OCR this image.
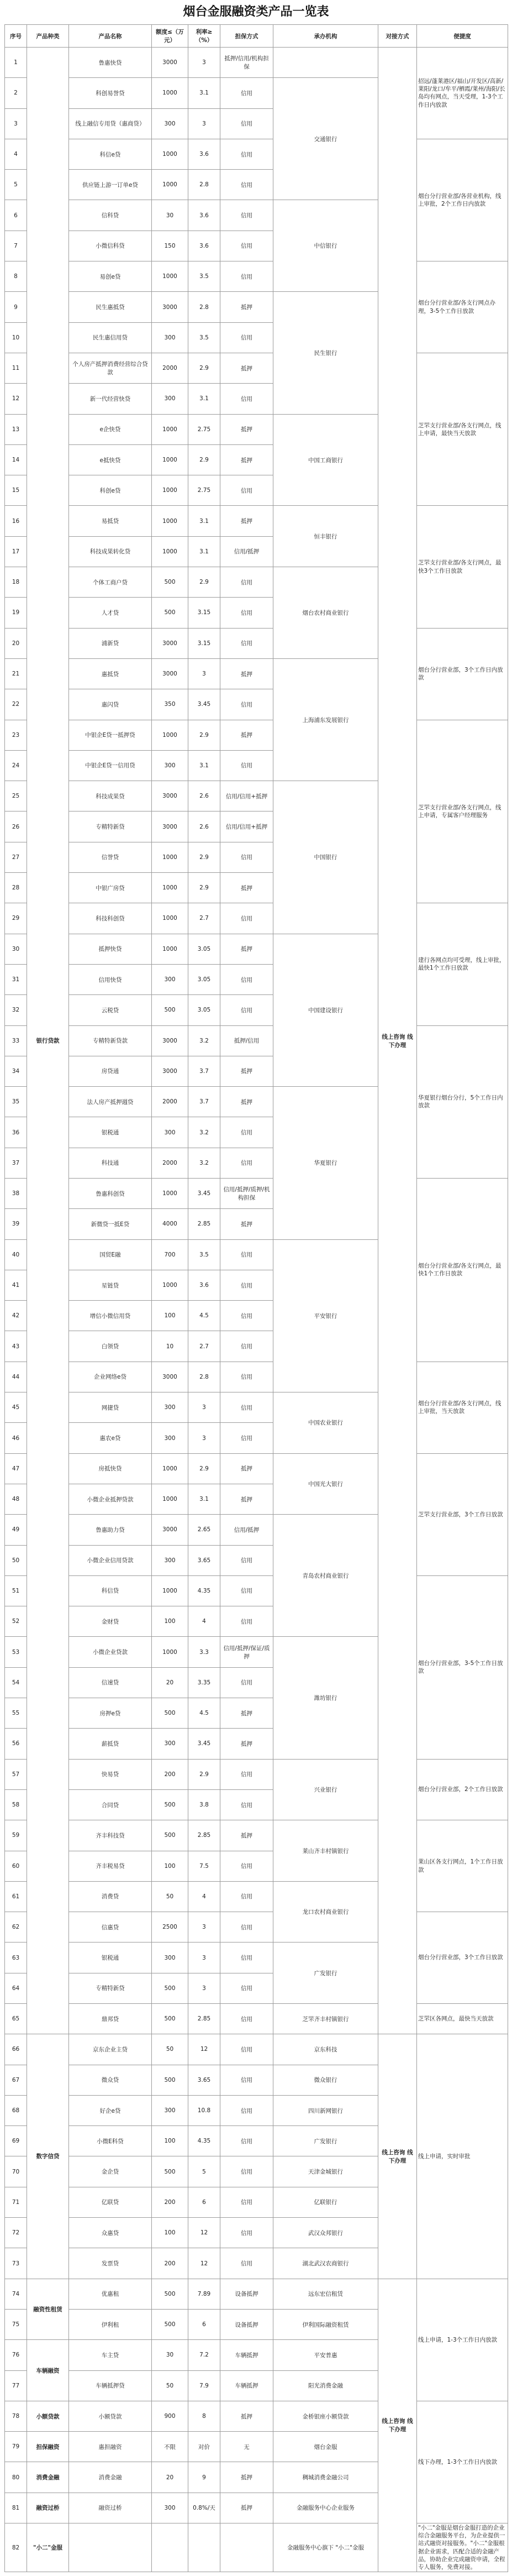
烟台金服融资类产品一览表
序号	产品种类	产品名称	额度≤（万元）	利率≥（%）	担保方式	承办机构	对接方式	便捷度
1	银行贷款	鲁惠快贷	3000	3	抵押/信用/机构担保		线上咨询 线下办理	招远/蓬莱港区/福山/开发区/高新/莱阳/龙口/牟平/栖霞/莱州/海阳/长岛均有网点，当天受理，1-3个工作日内放款
2		科创易誉贷	1000	3.1	信用	交通银行		
3		线上融信专用贷（惠商贷）	300	3	信用			
4		科信e贷	1000	3.6	信用			烟台分行营业部/各营业机构，线上审批，2个工作日内放款
5		供应链上游一订单e贷	1000	2.8	信用			
6		信科贷	30	3.6	信用	中信银行		
7		小微信科贷	150	3.6	信用			
8		易创e贷	1000	3.5	信用			烟台分行营业部/各支行网点办理，3-5个工作日放款
9		民生惠抵贷	3000	2.8	抵押	民生银行		
10		民生惠信用贷	300	3.5	信用			
11		个人房产抵押消费经营综合贷款	2000	2.9	抵押			芝罘支行营业部/各支行网点，线上申请，最快当天放款
12		新一代经营快贷	300	3.1	信用			
13		e企快贷	1000	2.75	抵押	中国工商银行		
14		e抵快贷	1000	2.9	抵押			
15		科创e贷	1000	2.75	信用			
16		易抵贷	1000	3.1	抵押	恒丰银行		芝罘支行营业部/各支行网点，最快3个工作日放款
17		科技成果转化贷	1000	3.1	信用/抵押			
18		个体工商户贷	500	2.9	信用	烟台农村商业银行		
19		人才贷	500	3.15	信用			
20		浦新贷	3000	3.15	信用			烟台分行营业部，3个工作日内放款
21		惠抵贷	3000	3	抵押	上海浦东发展银行		
22		惠闪贷	350	3.45	信用			
23		中银企E贷一抵押贷	1000	2.9	抵押			芝罘支行营业部/各支行网点，线上申请，专属客户经理服务
24		中银企E贷一信用贷	300	3.1	信用			
25		科技成果贷	3000	2.6	信用/信用+抵押	中国银行		
26		专精特新贷	3000	2.6	信用/信用+抵押			
27		信誉贷	1000	2.9	信用			
28		中银广房贷	1000	2.9	抵押			
29		科技科创贷	1000	2.7	信用			建行各网点均可受理，线上审批，最快1个工作日放款
30		抵押快贷	1000	3.05	抵押	中国建设银行		
31		信用快贷	300	3.05	信用			
32		云税贷	500	3.05	信用			
33		专精特新贷款	3000	3.2	抵押/信用			华夏银行烟台分行，5个工作日内放款
34		房贷通	3000	3.7	抵押			
35		法人房产抵押週贷	2000	3.7	抵押	华夏银行		
36		银税通	300	3.2	信用			
37		科技通	2000	3.2	信用			
38		鲁惠科创贷	1000	3.45	信用/抵押/质押/机构担保			烟台分行营业部/各支行网点，最快1个工作日放款
39		新微贷一抵E贷	4000	2.85	抵押			
40		国贸E融	700	3.5	信用	平安银行		
41		星链贷	1000	3.6	信用			
42		增信小微信用贷	100	4.5	信用			
43		白领贷	10	2.7	信用			
44		企业网络e贷	3000	2.8	信用			烟台分行营业部/各支行网点，线上审批，当天放款
45		网捷贷	300	3	信用	中国农业银行		
46		惠农e贷	300	3	信用			
47		房抵快贷	1000	2.9	抵押	中国光大银行		芝罘支行营业部，3个工作日放款
48		小微企业抵押贷款	1000	3.1	抵押			
49		鲁惠助力贷	3000	2.65	信用/抵押	青岛农村商业银行		
50		小微企业信用贷款	300	3.65	信用			
51		科信贷	1000	4.35	信用			烟台分行营业部，3-5个工作日放款
52		金财贷	100	4	信用			
53		小微企业贷款	1000	3.3	信用/抵押/保证/质押	潍坊银行		
54		信速贷	20	3.35	信用			
55		房押e贷	500	4.5	抵押			
56		薪抵贷	300	3.45	抵押			
57		快易贷	200	2.9	信用	兴业银行		烟台分行营业部，2个工作日放款
58		合同贷	500	3.8	信用			
59		齐丰科技贷	500	2.85	抵押	莱山齐丰村镇银行		莱山区各支行网点，1个工作日放款
60		齐丰税易贷	100	7.5	信用			
61		消费贷	50	4	信用	龙口农村商业银行		
62		信惠贷	2500	3	信用			烟台分行营业部，3个工作日放款
63		银税通	300	3	信用	广发银行		
64		专精特新贷	500	3	信用			
65		鼎邦贷	500	2.85	信用	芝罘齐丰村镇银行		芝罘区各网点，最快当天放款
66	数字信贷	京东企业主贷	50	12	信用	京东科技	线上咨询 线下办理	线上申请，实时审批
67		微众贷	500	3.65	信用	微众银行		
68		好企e贷	300	10.8	信用	四川新网银行		
69		小微E科贷	100	4.35	信用	广发银行		
70		金企贷	500	5	信用	天津金城银行		
71		亿联贷	200	6	信用	亿联银行		
72		众惠贷	100	12	信用	武汉众邦银行		
73		发票贷	200	12	信用	湖北武汉农商银行		
74	融资性租赁	优惠租	500	7.89	设备抵押	远东宏信租赁	线上咨询 线下办理	线上申请，1-3个工作日内放款
75		伊利租	500	6	设备抵押	伊利国际融资租赁		
76	车辆融资	车主贷	30	7.2	车辆抵押	平安普惠		
77		车辆抵押贷	50	7.9	车辆抵押	阳光消费金融		
78	小额贷款	小额贷款	900	8	抵押	金桥银座小额贷款		线下办理，1-3个工作日内放款
79	担保融资	惠担融资	不限	对价	无	烟台金服		
80	消费金融	消费金融	20	9	抵押	稠城消费金融公司		
81	融资过桥	融资过桥	300	0.8%/天	抵押	金融服务中心企业服务		
82	"小二"金服					金融服务中心旗下 "小二"金服		"小二"金服是烟台金服打造的企业综合金融服务平台，为企业提供一站式融资对接服务。"小二"金服根据企业需求，匹配合适的金融产品，协助企业完成融资申请，全程专人服务，免费对接。
